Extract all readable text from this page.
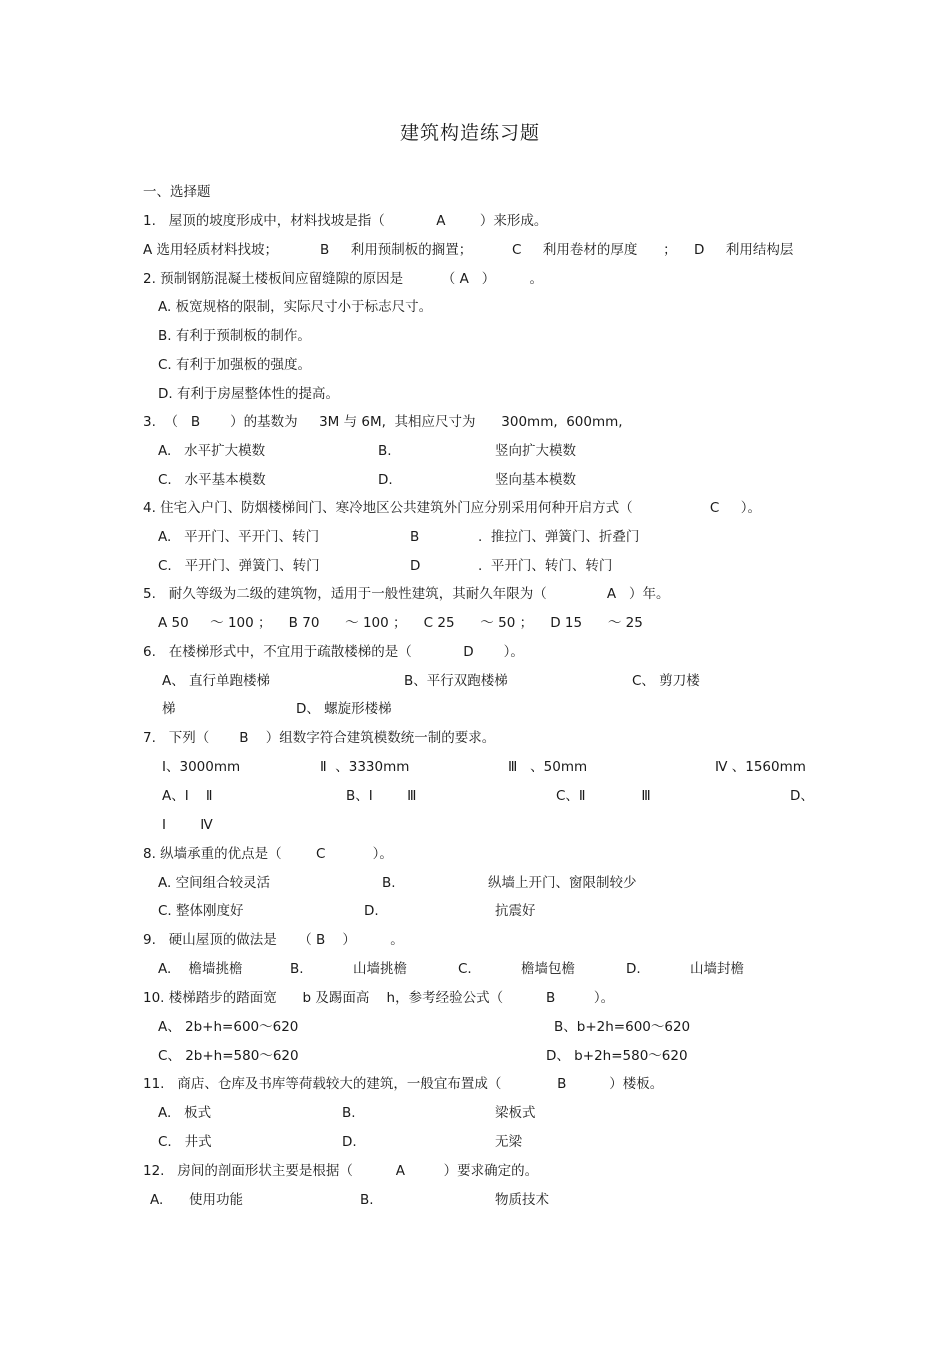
建筑构造练习题
一、选择题
1.   屋顶的坡度形成中，材料找坡是指（            A        ）来形成。
A 选用轻质材料找坡；	B     利用预制板的搁置；	C     利用卷材的厚度      ； D     利用结构层
2. 预制钢筋混凝土楼板间应留缝隙的原因是         （ A   ）        。
A. 板宽规格的限制，实际尺寸小于标志尺寸。
B. 有利于预制板的制作。
C. 有利于加强板的强度。
D. 有利于房屋整体性的提高。
3.  （   B       ）的基数为     3M 与 6M,  其相应尺寸为      300mm,  600mm,
A.   水平扩大模数	B.	竖向扩大模数
C.   水平基本模数	D.	竖向基本模数
4. 住宅入户门、防烟楼梯间门、寒冷地区公共建筑外门应分别采用何种开启方式（                  C     ）。
A.   平开门、平开门、转门	B	.  推拉门、弹簧门、折叠门
C.   平开门、弹簧门、转门	D	.  平开门、转门、转门
5.   耐久等级为二级的建筑物，适用于一般性建筑，其耐久年限为（              A   ）年。
A 50     ～ 100 ；    B 70      ～ 100 ；    C 25      ～ 50 ；    D 15      ～ 25
6.   在楼梯形式中，不宜用于疏散楼梯的是（            D       ）。
A、 直行单跑楼梯	B、平行双跑楼梯	C、 剪刀楼
梯	D、 螺旋形楼梯
7.   下列（       B    ）组数字符合建筑模数统一制的要求。
Ⅰ、3000mm	Ⅱ  、3330mm	Ⅲ   、50mm	Ⅳ 、1560mm
A、Ⅰ    Ⅱ	B、Ⅰ        Ⅲ	C、Ⅱ             Ⅲ	D、
Ⅰ        Ⅳ
8. 纵墙承重的优点是（        C           ）。
A. 空间组合较灵活	B.	纵墙上开门、窗限制较少
C. 整体刚度好	D.	抗震好
9.   硬山屋顶的做法是     （ B    ）        。
A.    檐墙挑檐	B.	山墙挑檐	C.	檐墙包檐	D.	山墙封檐
10. 楼梯踏步的踏面宽      b 及踢面高    h，参考经验公式（          B         ）。
A、 2b+h=600～620	B、b+2h=600～620
C、 2b+h=580～620	D、 b+2h=580～620
11.   商店、仓库及书库等荷载较大的建筑，一般宜布置成（             B          ）楼板。
A.   板式	B.	梁板式
C.   井式	D.	无梁
12.   房间的剖面形状主要是根据（          A         ）要求确定的。
A.      使用功能	B.	物质技术
